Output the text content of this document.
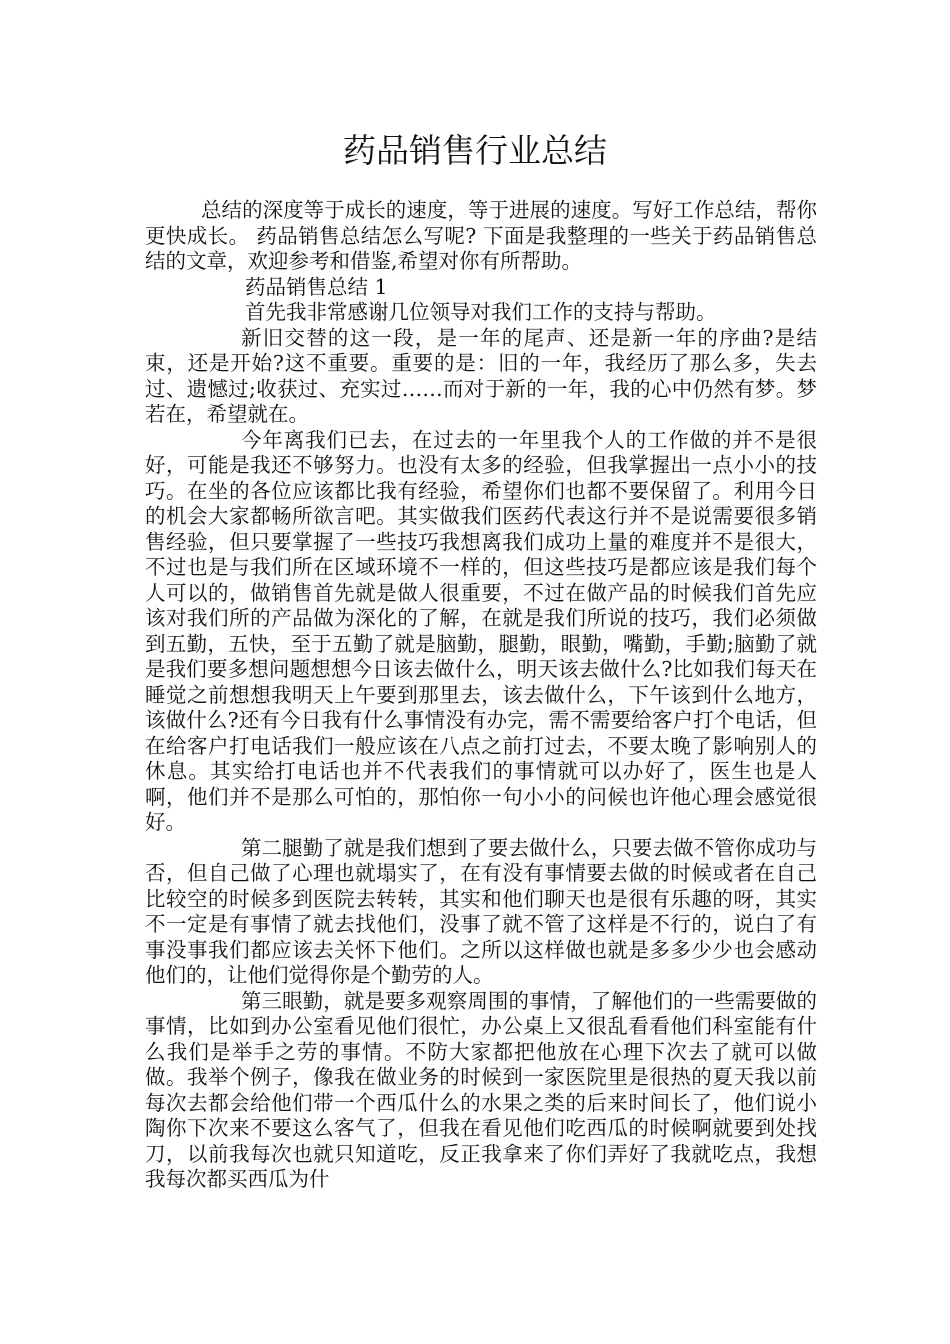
药品销售行业总结

总结的深度等于成长的速度，等于进展的速度。写好工作总结，帮你更快成长。 药品销售总结怎么写呢? 下面是我整理的一些关于药品销售总结的文章，欢迎参考和借鉴,希望对你有所帮助。

药品销售总结 1

首先我非常感谢几位领导对我们工作的支持与帮助。

新旧交替的这一段，是一年的尾声、还是新一年的序曲?是结束，还是开始?这不重要。重要的是：旧的一年，我经历了那么多，失去过、遗憾过;收获过、充实过……而对于新的一年，我的心中仍然有梦。梦若在，希望就在。

今年离我们已去，在过去的一年里我个人的工作做的并不是很好，可能是我还不够努力。也没有太多的经验，但我掌握出一点小小的技巧。在坐的各位应该都比我有经验，希望你们也都不要保留了。利用今日的机会大家都畅所欲言吧。其实做我们医药代表这行并不是说需要很多销售经验，但只要掌握了一些技巧我想离我们成功上量的难度并不是很大，不过也是与我们所在区域环境不一样的，但这些技巧是都应该是我们每个人可以的，做销售首先就是做人很重要，不过在做产品的时候我们首先应该对我们所的产品做为深化的了解，在就是我们所说的技巧，我们必须做到五勤，五快，至于五勤了就是脑勤，腿勤，眼勤，嘴勤，手勤;脑勤了就是我们要多想问题想想今日该去做什么，明天该去做什么?比如我们每天在睡觉之前想想我明天上午要到那里去，该去做什么，下午该到什么地方，该做什么?还有今日我有什么事情没有办完，需不需要给客户打个电话，但在给客户打电话我们一般应该在八点之前打过去，不要太晚了影响别人的休息。其实给打电话也并不代表我们的事情就可以办好了，医生也是人啊，他们并不是那么可怕的，那怕你一句小小的问候也许他心理会感觉很好。

第二腿勤了就是我们想到了要去做什么，只要去做不管你成功与否，但自己做了心理也就塌实了，在有没有事情要去做的时候或者在自己比较空的时候多到医院去转转，其实和他们聊天也是很有乐趣的呀，其实不一定是有事情了就去找他们，没事了就不管了这样是不行的，说白了有事没事我们都应该去关怀下他们。之所以这样做也就是多多少少也会感动他们的，让他们觉得你是个勤劳的人。

第三眼勤，就是要多观察周围的事情，了解他们的一些需要做的事情，比如到办公室看见他们很忙，办公桌上又很乱看看他们科室能有什么我们是举手之劳的事情。不防大家都把他放在心理下次去了就可以做做。我举个例子，像我在做业务的时候到一家医院里是很热的夏天我以前每次去都会给他们带一个西瓜什么的水果之类的后来时间长了，他们说小陶你下次来不要这么客气了，但我在看见他们吃西瓜的时候啊就要到处找刀，以前我每次也就只知道吃，反正我拿来了你们弄好了我就吃点，我想我每次都买西瓜为什
